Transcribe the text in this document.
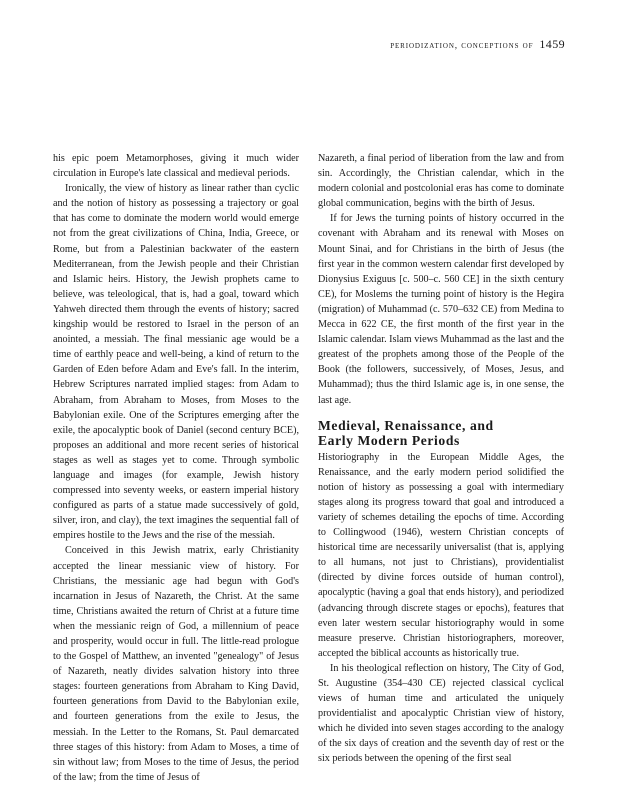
periodization, conceptions of 1459

his epic poem Metamorphoses, giving it much wider circulation in Europe's late classical and medieval periods.

Ironically, the view of history as linear rather than cyclic and the notion of history as possessing a trajectory or goal that has come to dominate the modern world would emerge not from the great civilizations of China, India, Greece, or Rome, but from a Palestinian backwater of the eastern Mediterranean, from the Jewish people and their Christian and Islamic heirs. History, the Jewish prophets came to believe, was teleological, that is, had a goal, toward which Yahweh directed them through the events of history; sacred kingship would be restored to Israel in the person of an anointed, a messiah. The final messianic age would be a time of earthly peace and well-being, a kind of return to the Garden of Eden before Adam and Eve's fall. In the interim, Hebrew Scriptures narrated implied stages: from Adam to Abraham, from Abraham to Moses, from Moses to the Babylonian exile. One of the Scriptures emerging after the exile, the apocalyptic book of Daniel (second century BCE), proposes an additional and more recent series of historical stages as well as stages yet to come. Through symbolic language and images (for example, Jewish history compressed into seventy weeks, or eastern imperial history configured as parts of a statue made successively of gold, silver, iron, and clay), the text imagines the sequential fall of empires hostile to the Jews and the rise of the messiah.

Conceived in this Jewish matrix, early Christianity accepted the linear messianic view of history. For Christians, the messianic age had begun with God's incarnation in Jesus of Nazareth, the Christ. At the same time, Christians awaited the return of Christ at a future time when the messianic reign of God, a millennium of peace and prosperity, would occur in full. The little-read prologue to the Gospel of Matthew, an invented "genealogy" of Jesus of Nazareth, neatly divides salvation history into three stages: fourteen generations from Abraham to King David, fourteen generations from David to the Babylonian exile, and fourteen generations from the exile to Jesus, the messiah. In the Letter to the Romans, St. Paul demarcated three stages of this history: from Adam to Moses, a time of sin without law; from Moses to the time of Jesus, the period of the law; from the time of Jesus of

Nazareth, a final period of liberation from the law and from sin. Accordingly, the Christian calendar, which in the modern colonial and postcolonial eras has come to dominate global communication, begins with the birth of Jesus.

If for Jews the turning points of history occurred in the covenant with Abraham and its renewal with Moses on Mount Sinai, and for Christians in the birth of Jesus (the first year in the common western calendar first developed by Dionysius Exiguus [c. 500–c. 560 CE] in the sixth century CE), for Moslems the turning point of history is the Hegira (migration) of Muhammad (c. 570–632 CE) from Medina to Mecca in 622 CE, the first month of the first year in the Islamic calendar. Islam views Muhammad as the last and the greatest of the prophets among those of the People of the Book (the followers, successively, of Moses, Jesus, and Muhammad); thus the third Islamic age is, in one sense, the last age.

Medieval, Renaissance, and
Early Modern Periods

Historiography in the European Middle Ages, the Renaissance, and the early modern period solidified the notion of history as possessing a goal with intermediary stages along its progress toward that goal and introduced a variety of schemes detailing the epochs of time. According to Collingwood (1946), western Christian concepts of historical time are necessarily universalist (that is, applying to all humans, not just to Christians), providentialist (directed by divine forces outside of human control), apocalyptic (having a goal that ends history), and periodized (advancing through discrete stages or epochs), features that even later western secular historiography would in some measure preserve. Christian historiographers, moreover, accepted the biblical accounts as historically true.

In his theological reflection on history, The City of God, St. Augustine (354–430 CE) rejected classical cyclical views of human time and articulated the uniquely providentialist and apocalyptic Christian view of history, which he divided into seven stages according to the analogy of the six days of creation and the seventh day of rest or the six periods between the opening of the first seal
